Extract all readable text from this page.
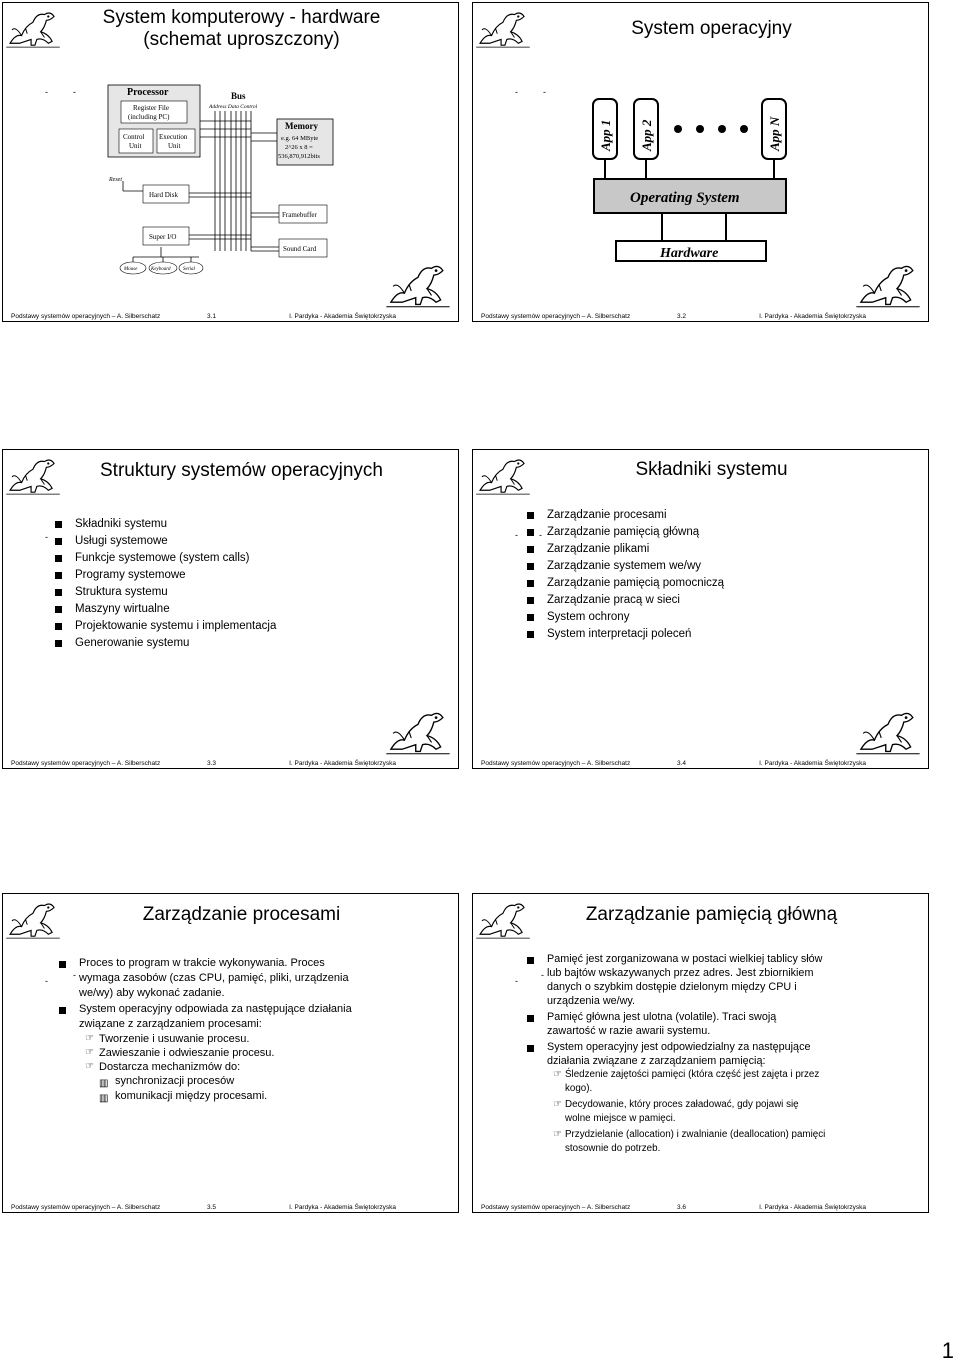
System komputerowy - hardware
(schemat uproszczony)
-	-	Processor
Register File
(including PC)
Control
Unit
Execution
Unit
Bus
Address Data Control
Memory
e.g. 64 MByte
2^26 x 8 =
536,870,912bits
Reset
Hard Disk
Framebuffer
Super I/O
Sound Card
Mouse	Keyboard Serial
Podstawy systemów operacyjnych – A. Silberschatz	3.1	I. Pardyka - Akademia Świętokrzyska
System operacyjny
-	-
App 1 App 2	App N
Operating System
Hardware
Podstawy systemów operacyjnych – A. Silberschatz	3.2	I. Pardyka - Akademia Świętokrzyska
Struktury systemów operacyjnych
-
Składniki systemu
Usługi systemowe
Funkcje systemowe (system calls)
Programy systemowe
Struktura systemu
Maszyny wirtualne
Projektowanie systemu i implementacja
Generowanie systemu
Podstawy systemów operacyjnych – A. Silberschatz	3.3	I. Pardyka - Akademia Świętokrzyska
Składniki systemu
- -
Zarządzanie procesami
Zarządzanie pamięcią główną
Zarządzanie plikami
Zarządzanie systemem we/wy
Zarządzanie pamięcią pomocniczą
Zarządzanie pracą w sieci
System ochrony
System interpretacji poleceń
Podstawy systemów operacyjnych – A. Silberschatz	3.4	I. Pardyka - Akademia Świętokrzyska
Zarządzanie procesami
-
-
Proces to program w trakcie wykonywania. Proces
wymaga zasobów (czas CPU, pamięć, pliki, urządzenia
we/wy) aby wykonać zadanie.
System operacyjny odpowiada za następujące działania
związane z zarządzaniem procesami:
☞ Tworzenie i usuwanie procesu.
☞ Zawieszanie i odwieszanie procesu.
☞ Dostarcza mechanizmów do:
▥ synchronizacji procesów
▥ komunikacji między procesami.
Podstawy systemów operacyjnych – A. Silberschatz	3.5	I. Pardyka - Akademia Świętokrzyska
Zarządzanie pamięcią główną
-
-
Pamięć jest zorganizowana w postaci wielkiej tablicy słów
lub bajtów wskazywanych przez adres. Jest zbiornikiem
danych o szybkim dostępie dzielonym między CPU i
urządzenia we/wy.
Pamięć główna jest ulotna (volatile). Traci swoją
zawartość w razie awarii systemu.
System operacyjny jest odpowiedzialny za następujące
działania związane z zarządzaniem pamięcią:
☞ Śledzenie zajętości pamięci (która część jest zajęta i przez
kogo).
☞ Decydowanie, który proces załadować, gdy pojawi się
wolne miejsce w pamięci.
☞ Przydzielanie (allocation) i zwalnianie (deallocation) pamięci
stosownie do potrzeb.
Podstawy systemów operacyjnych – A. Silberschatz	3.6	I. Pardyka - Akademia Świętokrzyska
1
